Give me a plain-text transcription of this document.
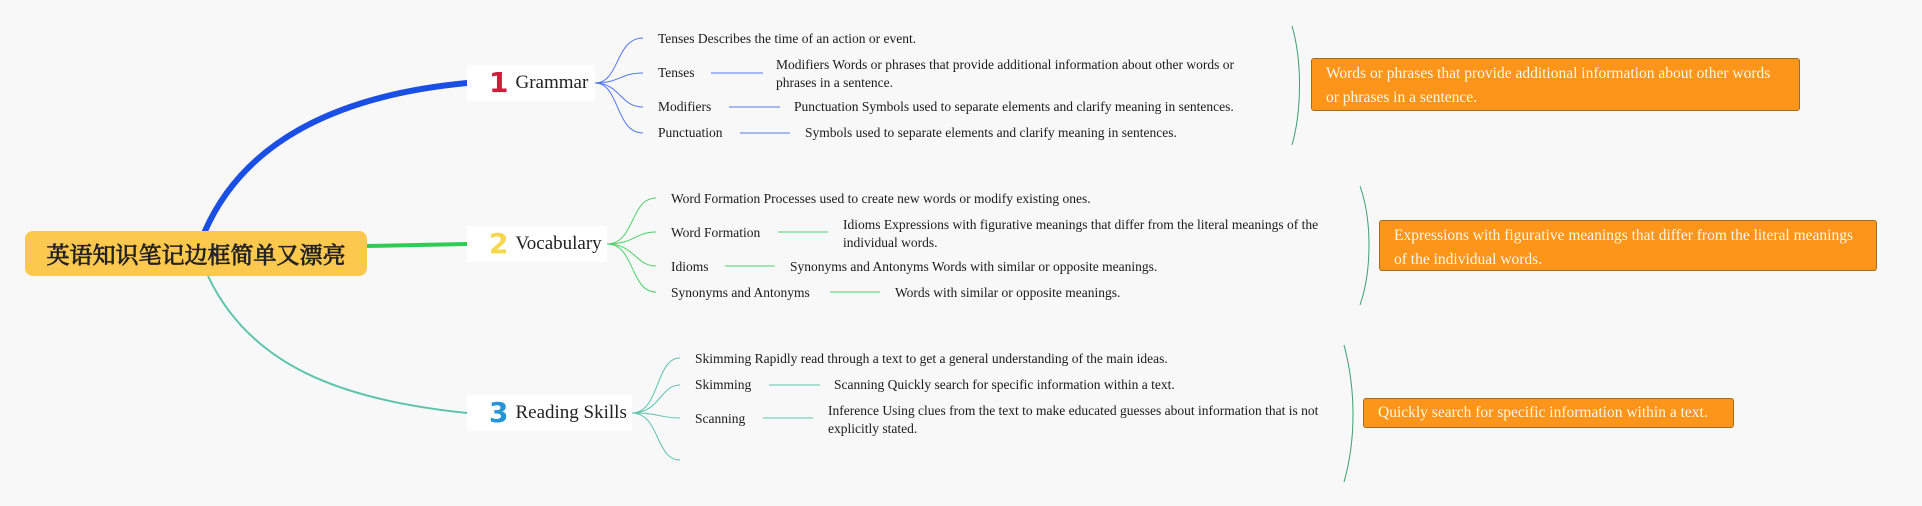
英语知识笔记边框简单又漂亮
1 Grammar
Tenses Describes the time of an action or event.
Tenses
Modifiers Words or phrases that provide additional information about other words or phrases in a sentence.
Modifiers	Punctuation Symbols used to separate elements and clarify meaning in sentences.
Punctuation	Symbols used to separate elements and clarify meaning in sentences.
Words or phrases that provide additional information about other words or phrases in a sentence.
2 Vocabulary
Word Formation Processes used to create new words or modify existing ones.
Word Formation
Idioms Expressions with figurative meanings that differ from the literal meanings of the individual words.
Idioms	Synonyms and Antonyms Words with similar or opposite meanings.
Synonyms and Antonyms	Words with similar or opposite meanings.
Expressions with figurative meanings that differ from the literal meanings of the individual words.
3 Reading Skills
Skimming Rapidly read through a text to get a general understanding of the main ideas.
Skimming	Scanning Quickly search for specific information within a text.
Scanning
Inference Using clues from the text to make educated guesses about information that is not explicitly stated.
Quickly search for specific information within a text.
